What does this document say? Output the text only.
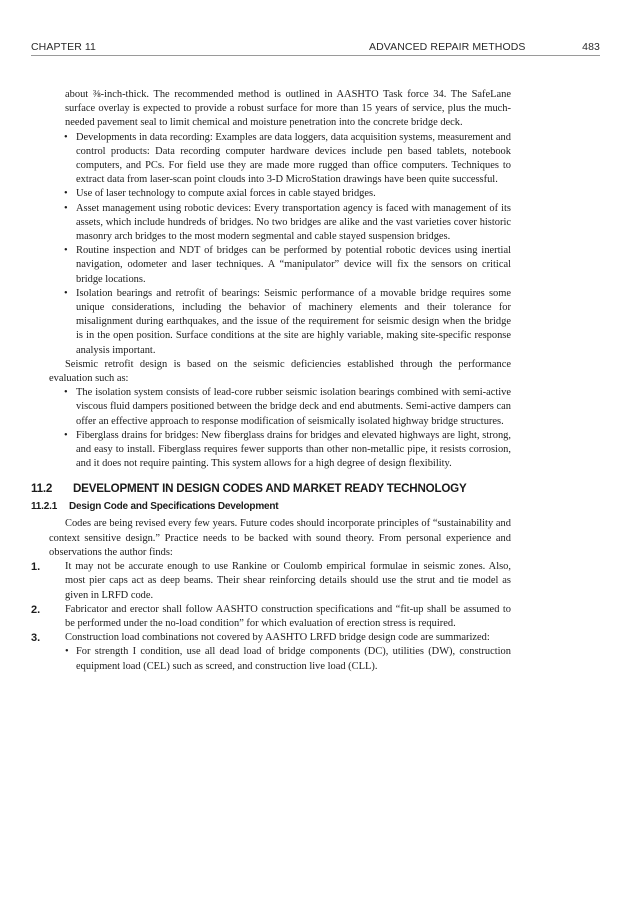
CHAPTER 11	ADVANCED REPAIR METHODS	483

about ⅜-inch-thick. The recommended method is outlined in AASHTO Task force 34. The SafeLane surface overlay is expected to provide a robust surface for more than 15 years of service, plus the much-needed pavement seal to limit chemical and moisture penetration into the concrete bridge deck.

• Developments in data recording: Examples are data loggers, data acquisition systems, measurement and control products: Data recording computer hardware devices include pen based tablets, notebook computers, and PCs. For field use they are made more rugged than office computers. Techniques to extract data from laser-scan point clouds into 3-D MicroStation drawings have been quite successful.
• Use of laser technology to compute axial forces in cable stayed bridges.
• Asset management using robotic devices: Every transportation agency is faced with management of its assets, which include hundreds of bridges. No two bridges are alike and the vast varieties cover historic masonry arch bridges to the most modern segmental and cable stayed suspension bridges.
• Routine inspection and NDT of bridges can be performed by potential robotic devices using inertial navigation, odometer and laser techniques. A “manipulator” device will fix the sensors on critical bridge locations.
• Isolation bearings and retrofit of bearings: Seismic performance of a movable bridge requires some unique considerations, including the behavior of machinery elements and their tolerance for misalignment during earthquakes, and the issue of the requirement for seismic design when the bridge is in the open position. Surface conditions at the site are highly variable, making site-specific response analysis important.

Seismic retrofit design is based on the seismic deficiencies established through the performance evaluation such as:

• The isolation system consists of lead-core rubber seismic isolation bearings combined with semi-active viscous fluid dampers positioned between the bridge deck and end abutments. Semi-active dampers can offer an effective approach to response modification of seismically isolated highway bridge structures.
• Fiberglass drains for bridges: New fiberglass drains for bridges and elevated highways are light, strong, and easy to install. Fiberglass requires fewer supports than other non-metallic pipe, it resists corrosion, and it does not require painting. This system allows for a high degree of design flexibility.
11.2 DEVELOPMENT IN DESIGN CODES AND MARKET READY TECHNOLOGY
11.2.1 Design Code and Specifications Development

Codes are being revised every few years. Future codes should incorporate principles of “sustainability and context sensitive design.” Practice needs to be backed with sound theory. From personal experience and observations the author finds:

1. It may not be accurate enough to use Rankine or Coulomb empirical formulae in seismic zones. Also, most pier caps act as deep beams. Their shear reinforcing details should use the strut and tie model as given in LRFD code.
2. Fabricator and erector shall follow AASHTO construction specifications and “fit-up shall be assumed to be performed under the no-load condition” for which evaluation of erection stress is required.
3. Construction load combinations not covered by AASHTO LRFD bridge design code are summarized:
• For strength I condition, use all dead load of bridge components (DC), utilities (DW), construction equipment load (CEL) such as screed, and construction live load (CLL).
